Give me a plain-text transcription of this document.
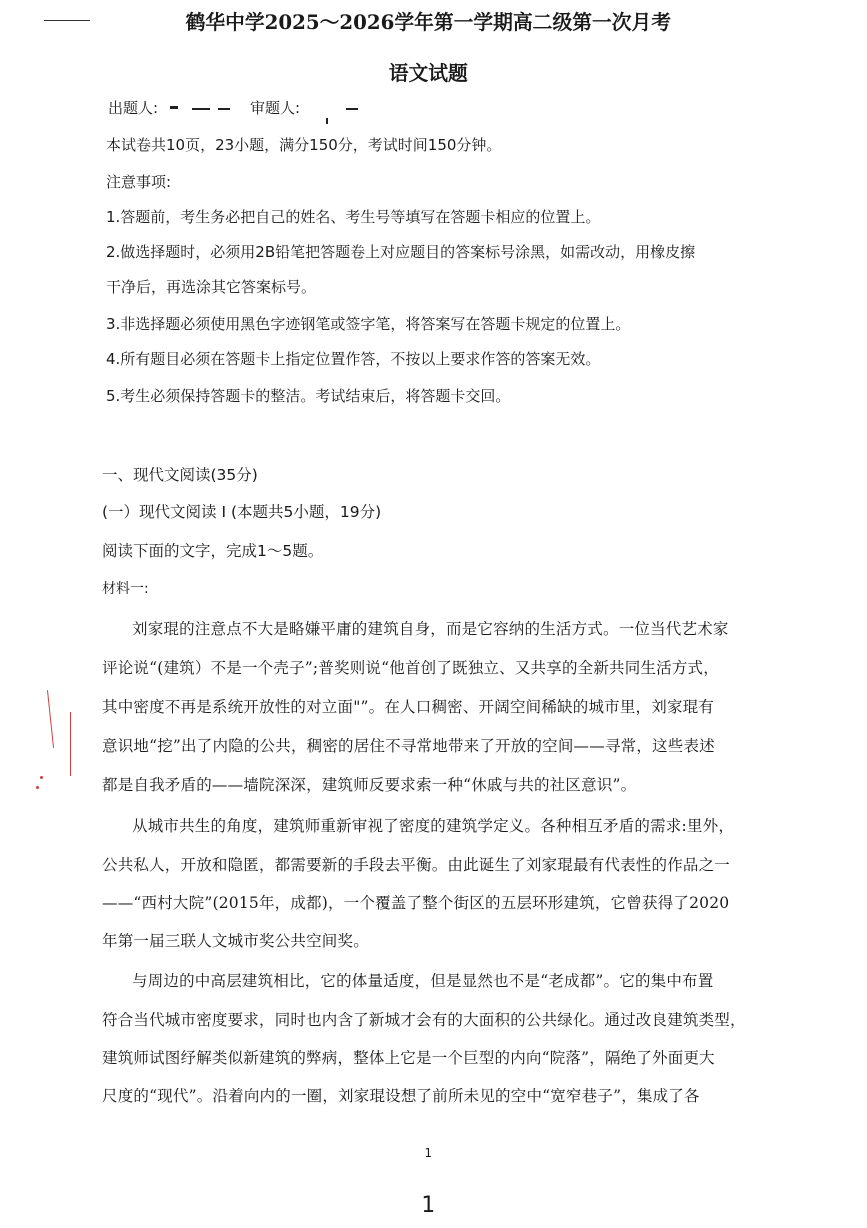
鹤华中学2025～2026学年第一学期高二级第一次月考
语文试题
出题人:	审题人:
本试卷共10页，23小题，满分150分，考试时间150分钟。
注意事项:
1.答题前，考生务必把自己的姓名、考生号等填写在答题卡相应的位置上。
2.做选择题时，必须用2B铅笔把答题卷上对应题目的答案标号涂黑，如需改动，用橡皮擦
干净后，再选涂其它答案标号。
3.非选择题必须使用黑色字迹钢笔或签字笔，将答案写在答题卡规定的位置上。
4.所有题目必须在答题卡上指定位置作答，不按以上要求作答的答案无效。
5.考生必须保持答题卡的整洁。考试结束后，将答题卡交回。
一、现代文阅读(35分)
(一）现代文阅读 I (本题共5小题，19分)
阅读下面的文字，完成1～5题。
材料一:
刘家琨的注意点不大是略嫌平庸的建筑自身，而是它容纳的生活方式。一位当代艺术家
评论说“(建筑）不是一个壳子”;普奖则说“他首创了既独立、又共享的全新共同生活方式，
其中密度不再是系统开放性的对立面"”。在人口稠密、开阔空间稀缺的城市里，刘家琨有
意识地“挖”出了内隐的公共，稠密的居住不寻常地带来了开放的空间——寻常，这些表述
都是自我矛盾的——墙院深深，建筑师反要求索一种“休戚与共的社区意识”。
从城市共生的角度，建筑师重新审视了密度的建筑学定义。各种相互矛盾的需求:里外，
公共私人，开放和隐匿，都需要新的手段去平衡。由此诞生了刘家琨最有代表性的作品之一
——“西村大院”(2015年，成都)，一个覆盖了整个街区的五层环形建筑，它曾获得了2020
年第一届三联人文城市奖公共空间奖。
与周边的中高层建筑相比，它的体量适度，但是显然也不是“老成都”。它的集中布置
符合当代城市密度要求，同时也内含了新城才会有的大面积的公共绿化。通过改良建筑类型，
建筑师试图纾解类似新建筑的弊病，整体上它是一个巨型的内向“院落”，隔绝了外面更大
尺度的“现代”。沿着向内的一圈，刘家琨设想了前所未见的空中“宽窄巷子”，集成了各
1
1
